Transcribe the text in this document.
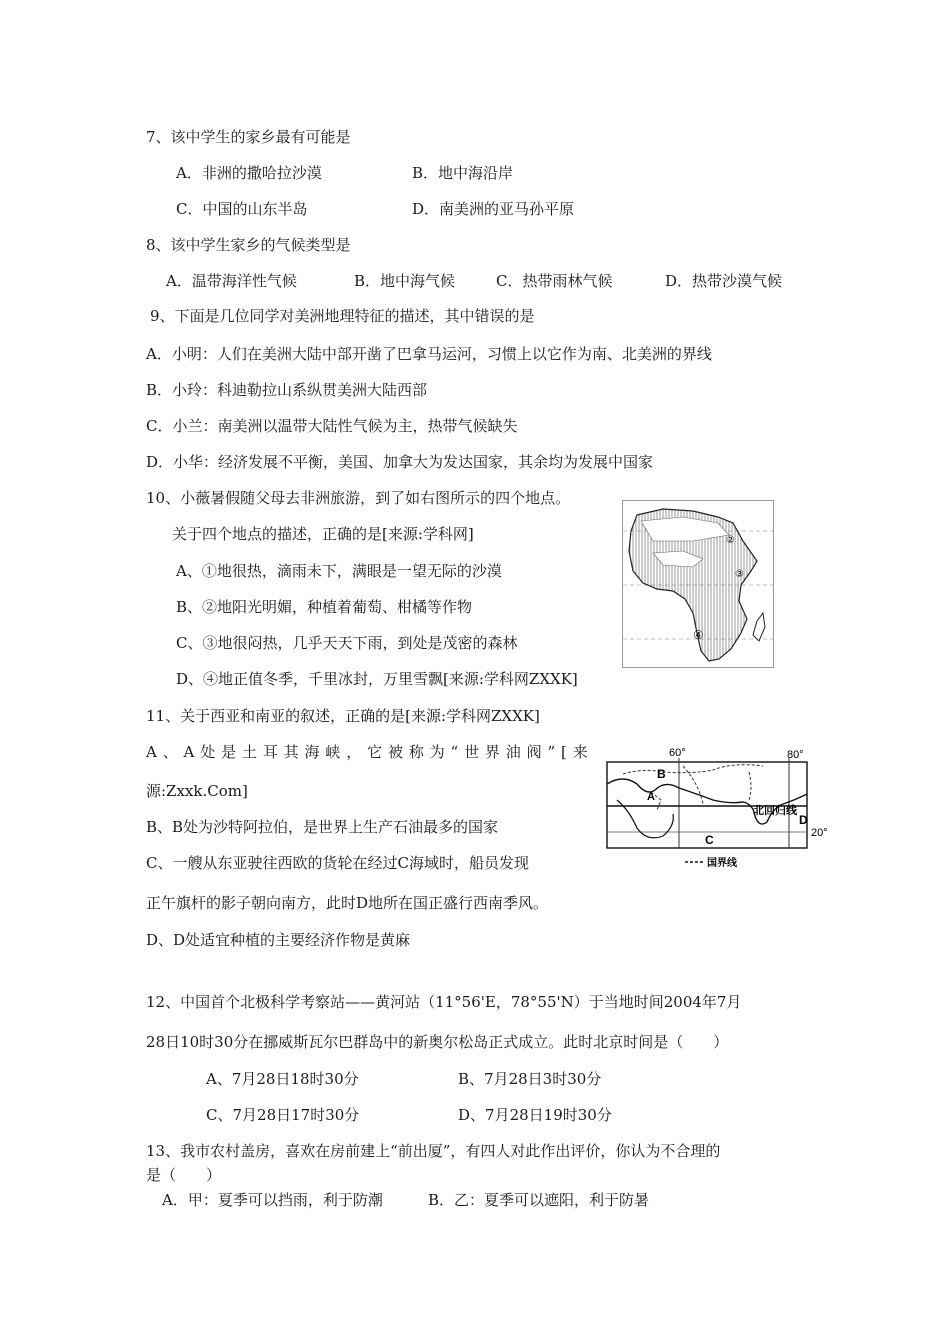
7、该中学生的家乡最有可能是
A．非洲的撒哈拉沙漠	B．地中海沿岸
C．中国的山东半岛	D．南美洲的亚马孙平原
8、该中学生家乡的气候类型是
A．温带海洋性气候	B．地中海气候	C．热带雨林气候	D．热带沙漠气候
9、下面是几位同学对美洲地理特征的描述，其中错误的是
A．小明：人们在美洲大陆中部开凿了巴拿马运河，习惯上以它作为南、北美洲的界线
B．小玲：科迪勒拉山系纵贯美洲大陆西部
C．小兰：南美洲以温带大陆性气候为主，热带气候缺失
D．小华：经济发展不平衡，美国、加拿大为发达国家，其余均为发展中国家
10、小薇暑假随父母去非洲旅游，到了如右图所示的四个地点。
关于四个地点的描述，正确的是[来源:学科网]
A、①地很热，滴雨未下，满眼是一望无际的沙漠
B、②地阳光明媚，种植着葡萄、柑橘等作物
C、③地很闷热，几乎天天下雨，到处是茂密的森林
D、④地正值冬季，千里冰封，万里雪飘[来源:学科网ZXXK]
②
③
④
11、关于西亚和南亚的叙述，正确的是[来源:学科网ZXXK]
A 、 A 处 是 土 耳 其 海 峡 ， 它 被 称 为 “ 世 界 油 阀 ” [ 来
源:Zxxk.Com]
B、B处为沙特阿拉伯，是世界上生产石油最多的国家
C、一艘从东亚驶往西欧的货轮在经过C海域时，船员发现
正午旗杆的影子朝向南方，此时D地所在国正盛行西南季风。
D、D处适宜种植的主要经济作物是黄麻
60°	80°
20°
北回归线
A
B
C
D
国界线
12、中国首个北极科学考察站——黄河站（11°56'E，78°55'N）于当地时间2004年7月
28日10时30分在挪威斯瓦尔巴群岛中的新奥尔松岛正式成立。此时北京时间是（　　）
A、7月28日18时30分	B、7月28日3时30分
C、7月28日17时30分	D、7月28日19时30分
13、我市农村盖房，喜欢在房前建上“前出厦”，有四人对此作出评价，你认为不合理的
是（　　）
A．甲：夏季可以挡雨，利于防潮	B．乙：夏季可以遮阳，利于防暑
